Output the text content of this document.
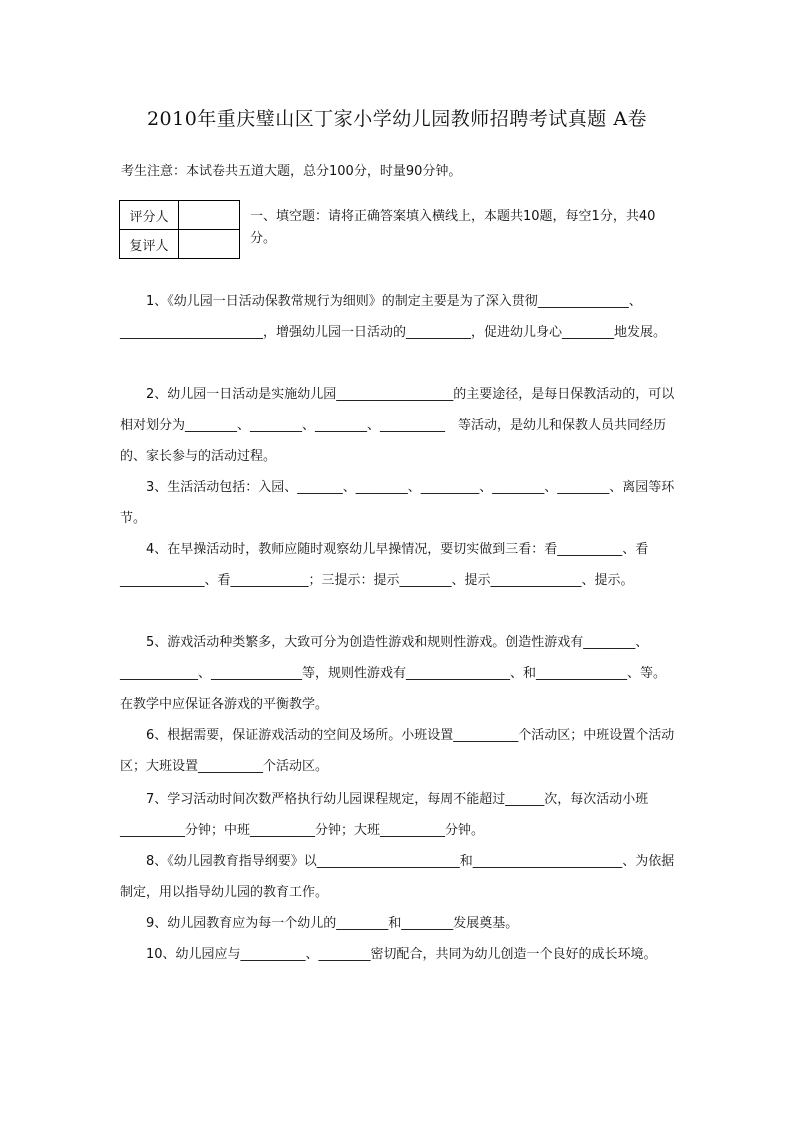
2010年重庆璧山区丁家小学幼儿园教师招聘考试真题 A卷
考生注意：本试卷共五道大题，总分100分，时量90分钟。
评分人	
复评人	
一、填空题：请将正确答案填入横线上，本题共10题，每空1分，共40分。
　　1、《幼儿园一日活动保教常规行为细则》的制定主要是为了深入贯彻______________、______________________，增强幼儿园一日活动的__________，促进幼儿身心________地发展。
　　2、幼儿园一日活动是实施幼儿园__________________的主要途径，是每日保教活动的，可以相对划分为________、________、________、__________　等活动，是幼儿和保教人员共同经历的、家长参与的活动过程。
　　3、生活活动包括：入园、_______、________、_________、________、________、离园等环节。
　　4、在早操活动时，教师应随时观察幼儿早操情况，要切实做到三看：看__________、看_____________、看____________；三提示：提示________、提示______________、提示。
　　5、游戏活动种类繁多，大致可分为创造性游戏和规则性游戏。创造性游戏有________、____________、______________等，规则性游戏有________________、和______________、等。在教学中应保证各游戏的平衡教学。
　　6、根据需要，保证游戏活动的空间及场所。小班设置__________个活动区；中班设置个活动区；大班设置__________个活动区。
　　7、学习活动时间次数严格执行幼儿园课程规定，每周不能超过______次，每次活动小班__________分钟；中班__________分钟；大班__________分钟。
　　8、《幼儿园教育指导纲要》以______________________和_______________________、为依据制定，用以指导幼儿园的教育工作。
　　9、幼儿园教育应为每一个幼儿的________和________发展奠基。
　　10、幼儿园应与__________、________密切配合，共同为幼儿创造一个良好的成长环境。
